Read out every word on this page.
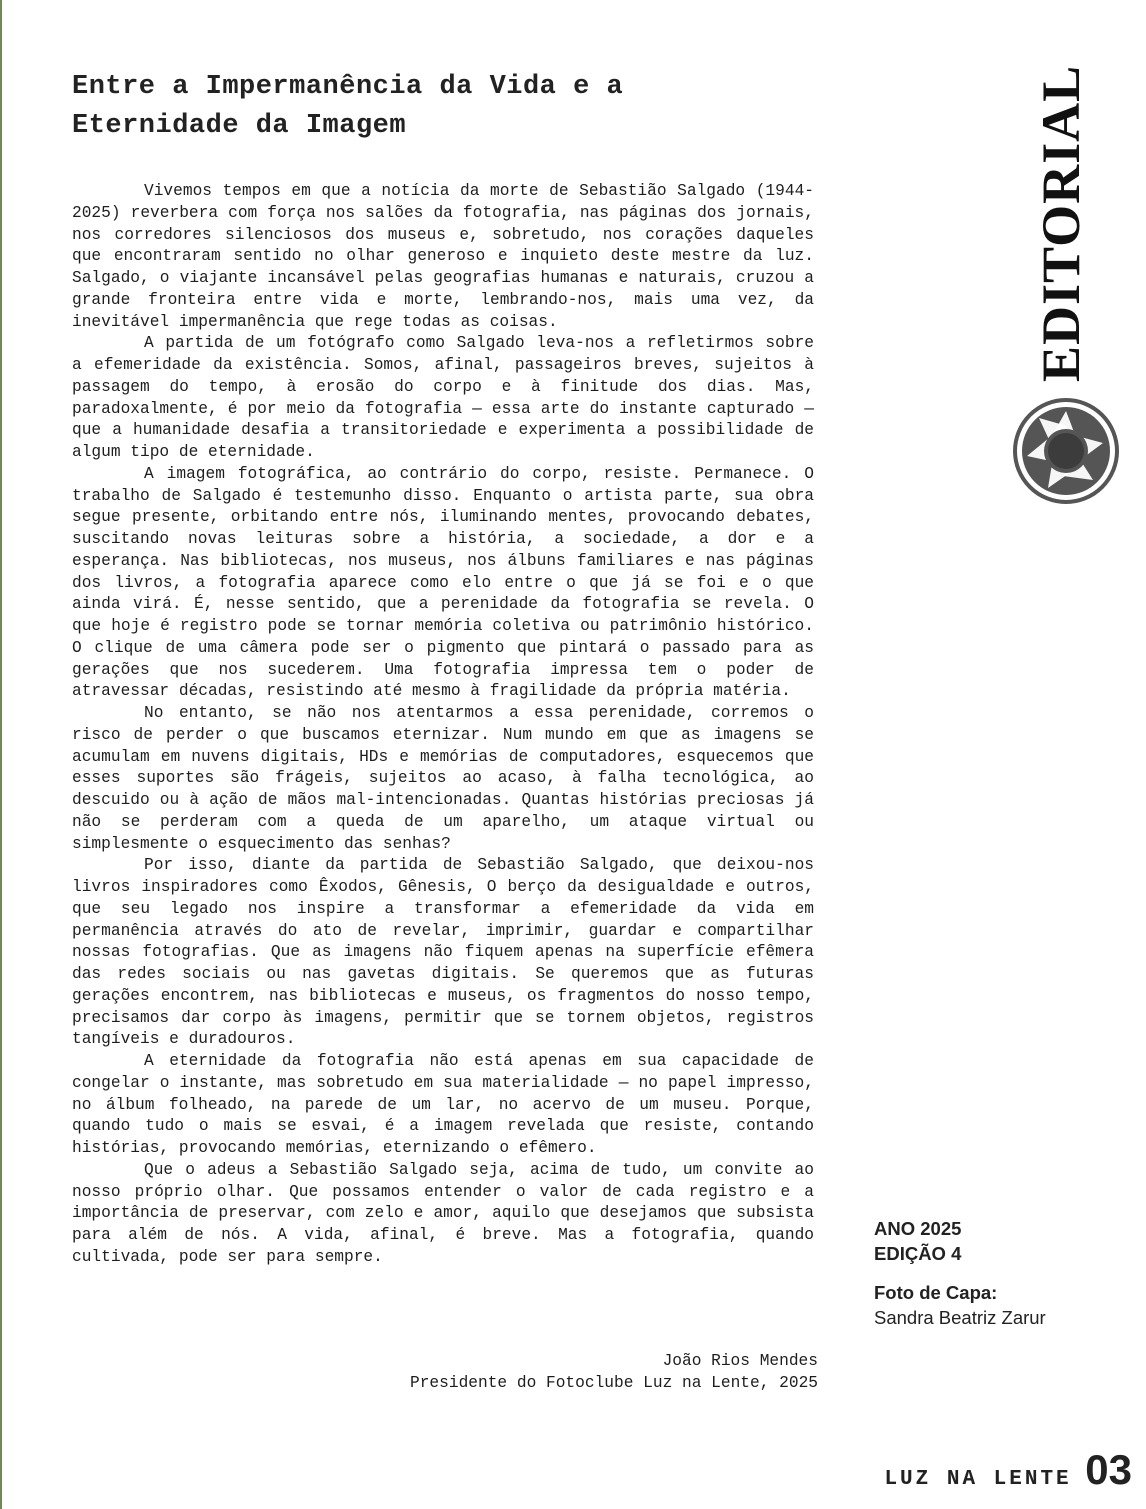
Entre a Impermanência da Vida e a
Eternidade da Imagem

Vivemos tempos em que a notícia da morte de Sebastião Salgado (1944-2025) reverbera com força nos salões da fotografia, nas páginas dos jornais, nos corredores silenciosos dos museus e, sobretudo, nos corações daqueles que encontraram sentido no olhar generoso e inquieto deste mestre da luz. Salgado, o viajante incansável pelas geografias humanas e naturais, cruzou a grande fronteira entre vida e morte, lembrando-nos, mais uma vez, da inevitável impermanência que rege todas as coisas.

A partida de um fotógrafo como Salgado leva-nos a refletirmos sobre a efemeridade da existência. Somos, afinal, passageiros breves, sujeitos à passagem do tempo, à erosão do corpo e à finitude dos dias. Mas, paradoxalmente, é por meio da fotografia — essa arte do instante capturado — que a humanidade desafia a transitoriedade e experimenta a possibilidade de algum tipo de eternidade.

A imagem fotográfica, ao contrário do corpo, resiste. Permanece. O trabalho de Salgado é testemunho disso. Enquanto o artista parte, sua obra segue presente, orbitando entre nós, iluminando mentes, provocando debates, suscitando novas leituras sobre a história, a sociedade, a dor e a esperança. Nas bibliotecas, nos museus, nos álbuns familiares e nas páginas dos livros, a fotografia aparece como elo entre o que já se foi e o que ainda virá. É, nesse sentido, que a perenidade da fotografia se revela. O que hoje é registro pode se tornar memória coletiva ou patrimônio histórico. O clique de uma câmera pode ser o pigmento que pintará o passado para as gerações que nos sucederem. Uma fotografia impressa tem o poder de atravessar décadas, resistindo até mesmo à fragilidade da própria matéria.

No entanto, se não nos atentarmos a essa perenidade, corremos o risco de perder o que buscamos eternizar. Num mundo em que as imagens se acumulam em nuvens digitais, HDs e memórias de computadores, esquecemos que esses suportes são frágeis, sujeitos ao acaso, à falha tecnológica, ao descuido ou à ação de mãos mal-intencionadas. Quantas histórias preciosas já não se perderam com a queda de um aparelho, um ataque virtual ou simplesmente o esquecimento das senhas?

Por isso, diante da partida de Sebastião Salgado, que deixou-nos livros inspiradores como Êxodos, Gênesis, O berço da desigualdade e outros, que seu legado nos inspire a transformar a efemeridade da vida em permanência através do ato de revelar, imprimir, guardar e compartilhar nossas fotografias. Que as imagens não fiquem apenas na superfície efêmera das redes sociais ou nas gavetas digitais. Se queremos que as futuras gerações encontrem, nas bibliotecas e museus, os fragmentos do nosso tempo, precisamos dar corpo às imagens, permitir que se tornem objetos, registros tangíveis e duradouros.

A eternidade da fotografia não está apenas em sua capacidade de congelar o instante, mas sobretudo em sua materialidade — no papel impresso, no álbum folheado, na parede de um lar, no acervo de um museu. Porque, quando tudo o mais se esvai, é a imagem revelada que resiste, contando histórias, provocando memórias, eternizando o efêmero.

Que o adeus a Sebastião Salgado seja, acima de tudo, um convite ao nosso próprio olhar. Que possamos entender o valor de cada registro e a importância de preservar, com zelo e amor, aquilo que desejamos que subsista para além de nós. A vida, afinal, é breve. Mas a fotografia, quando cultivada, pode ser para sempre.

João Rios Mendes
Presidente do Fotoclube Luz na Lente, 2025
EDITORIAL
ANO 2025
EDIÇÃO 4
Foto de Capa:
Sandra Beatriz Zarur
LUZ NA LENTE 03
